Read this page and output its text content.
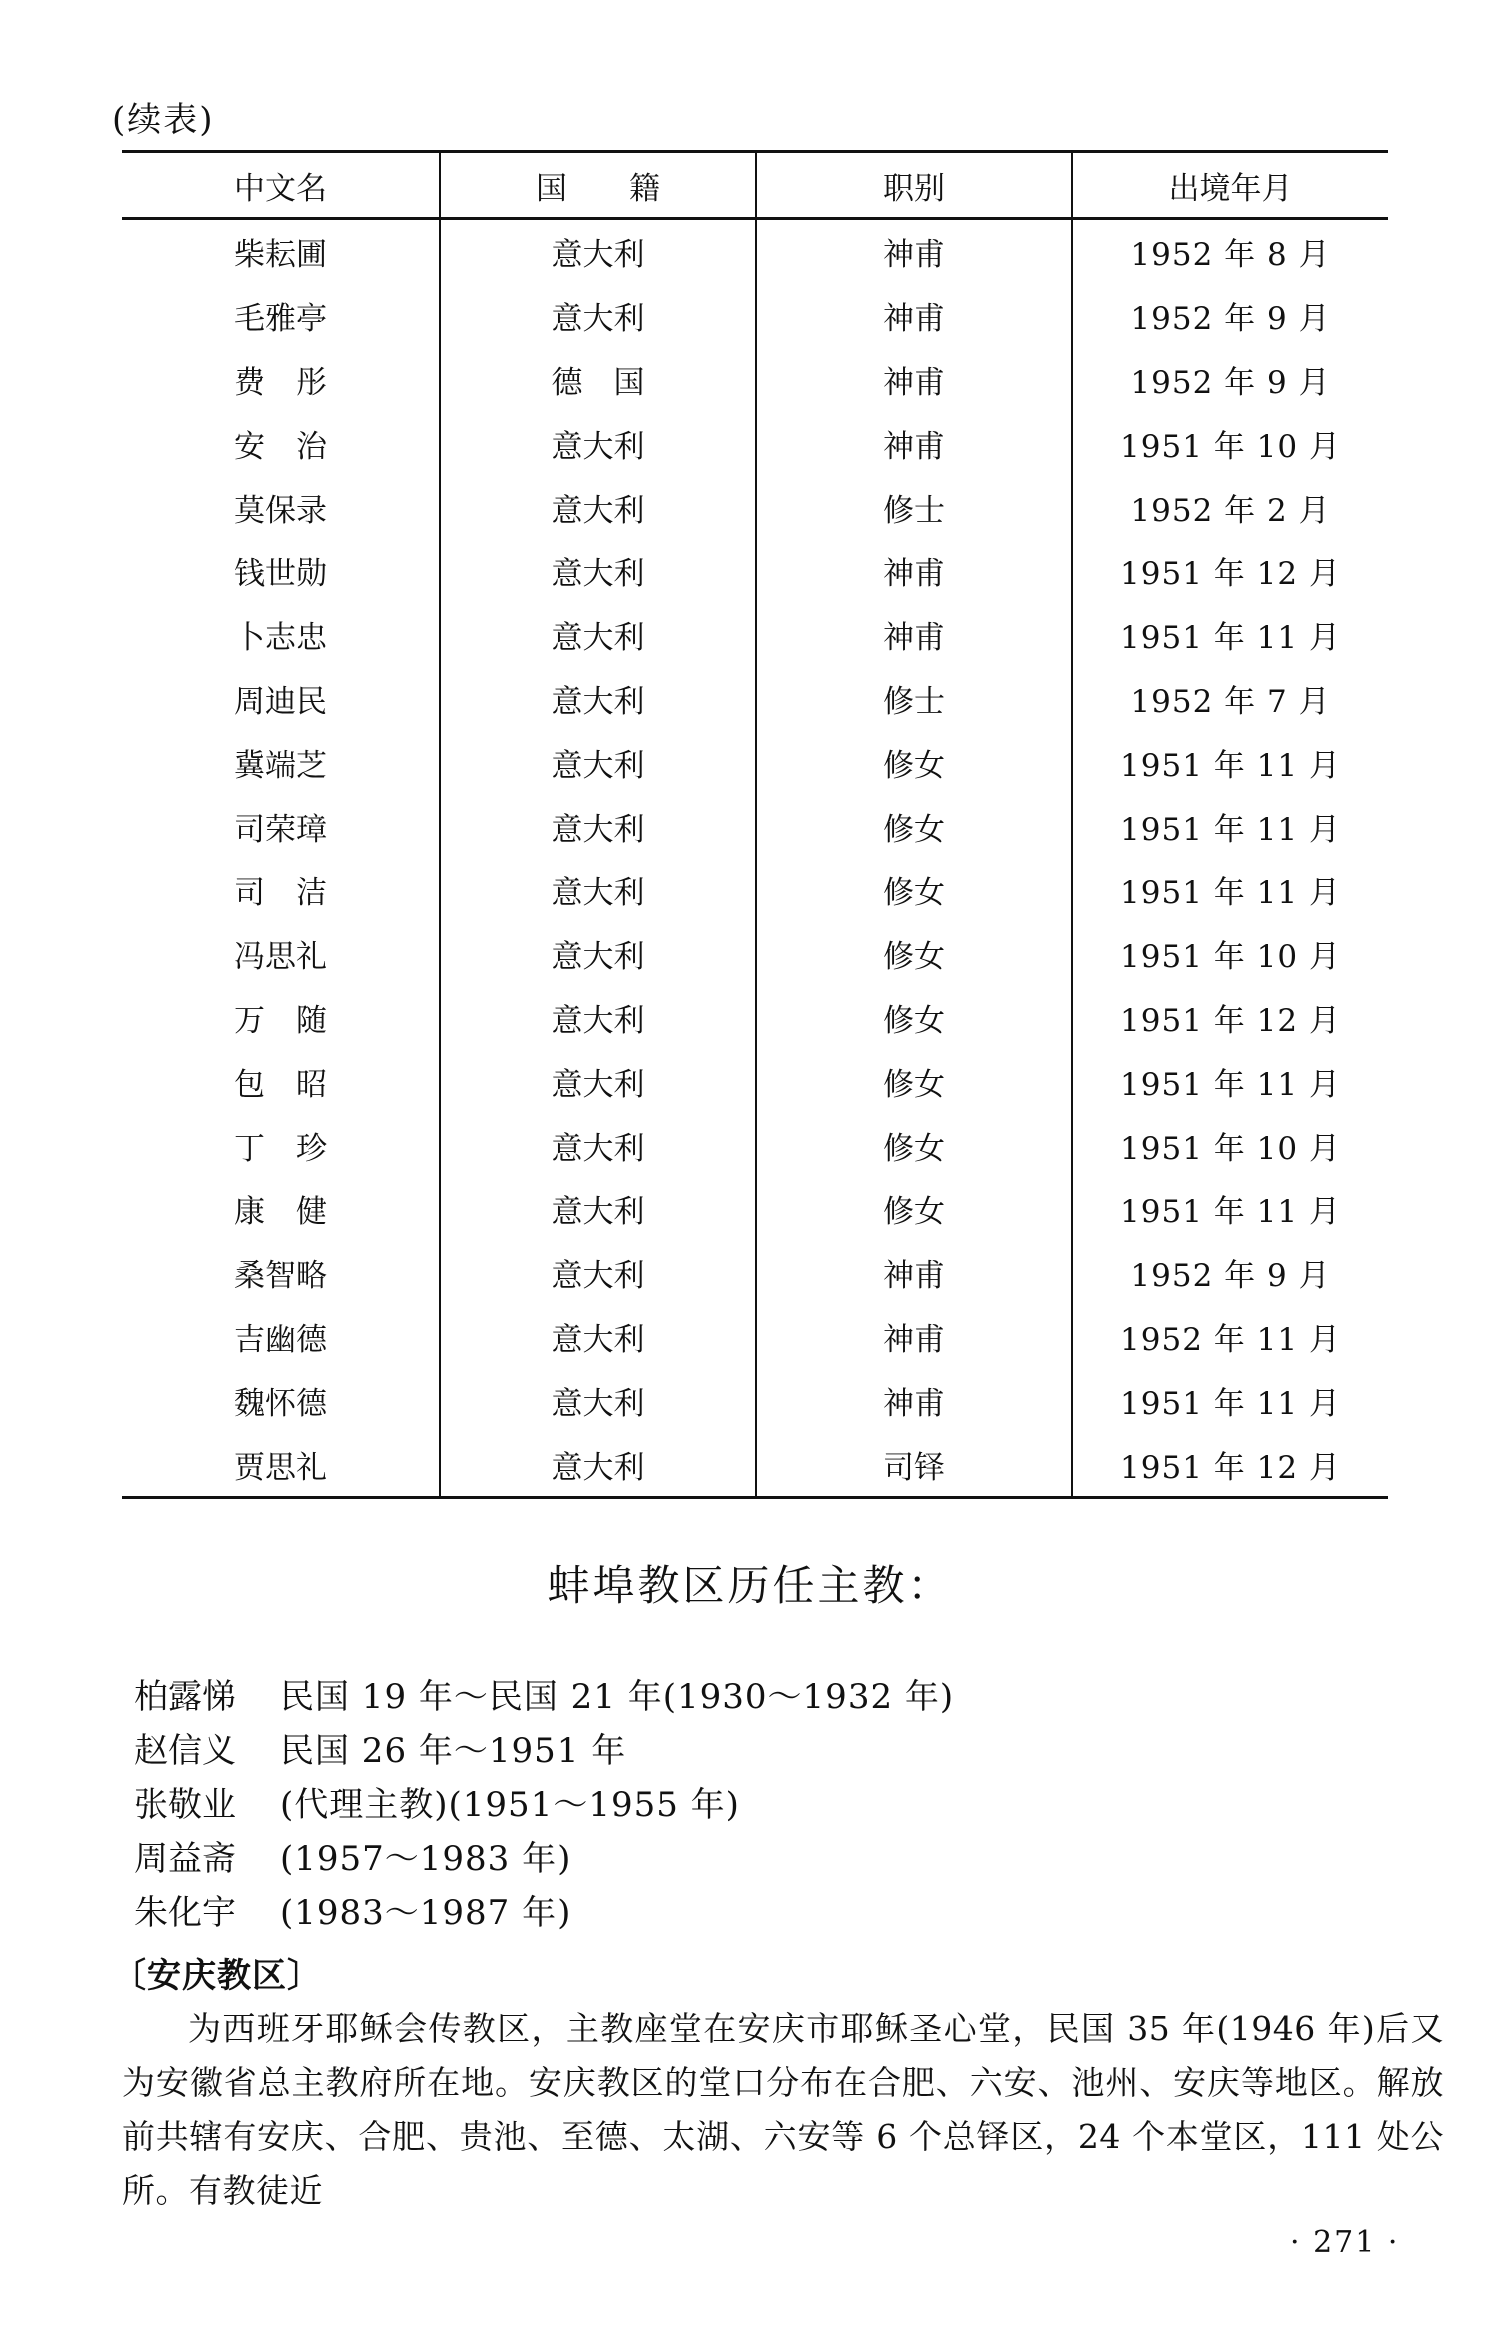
(续表)
中文名	国　　籍	职别	出境年月
柴耘圃	意大利	神甫	1952 年 8 月
毛雅亭	意大利	神甫	1952 年 9 月
费　彤	德　国	神甫	1952 年 9 月
安　治	意大利	神甫	1951 年 10 月
莫保录	意大利	修士	1952 年 2 月
钱世勋	意大利	神甫	1951 年 12 月
卜志忠	意大利	神甫	1951 年 11 月
周迪民	意大利	修士	1952 年 7 月
冀端芝	意大利	修女	1951 年 11 月
司荣璋	意大利	修女	1951 年 11 月
司　洁	意大利	修女	1951 年 11 月
冯思礼	意大利	修女	1951 年 10 月
万　随	意大利	修女	1951 年 12 月
包　昭	意大利	修女	1951 年 11 月
丁　珍	意大利	修女	1951 年 10 月
康　健	意大利	修女	1951 年 11 月
桑智略	意大利	神甫	1952 年 9 月
吉幽德	意大利	神甫	1952 年 11 月
魏怀德	意大利	神甫	1951 年 11 月
贾思礼	意大利	司铎	1951 年 12 月
蚌埠教区历任主教：
柏露悌	民国 19 年～民国 21 年(1930～1932 年)
赵信义	民国 26 年～1951 年
张敬业	(代理主教)(1951～1955 年)
周益斋	(1957～1983 年)
朱化宇	(1983～1987 年)
〔安庆教区〕
为西班牙耶稣会传教区，主教座堂在安庆市耶稣圣心堂，民国 35 年(1946 年)后又为安徽省总主教府所在地。安庆教区的堂口分布在合肥、六安、池州、安庆等地区。解放前共辖有安庆、合肥、贵池、至德、太湖、六安等 6 个总铎区，24 个本堂区，111 处公所。有教徒近
· 271 ·
